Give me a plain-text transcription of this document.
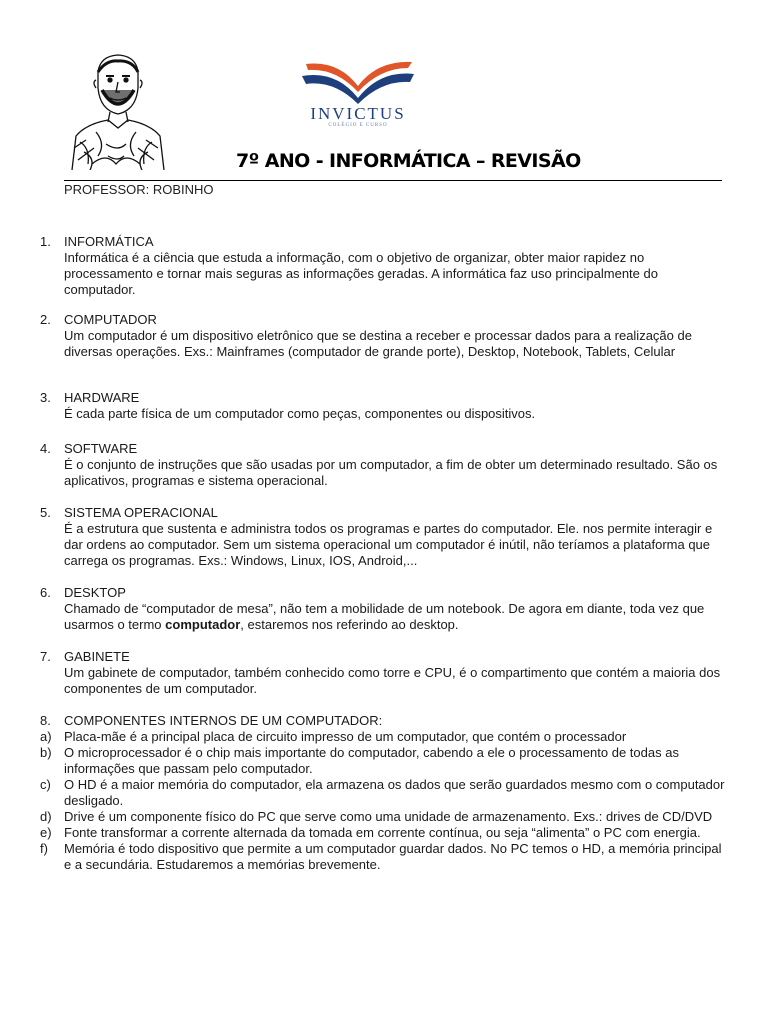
INVICTUS
COLÉGIO E CURSO
7º ANO - INFORMÁTICA – REVISÃO
PROFESSOR: ROBINHO
1. INFORMÁTICA
Informática é a ciência que estuda a informação, com o objetivo de organizar, obter maior rapidez no processamento e tornar mais seguras as informações geradas. A informática faz uso principalmente do computador.
2. COMPUTADOR
Um computador é um dispositivo eletrônico que se destina a receber e processar dados para a realização de diversas operações. Exs.: Mainframes (computador de grande porte), Desktop, Notebook, Tablets, Celular
3. HARDWARE
É cada parte física de um computador como peças, componentes ou dispositivos.
4. SOFTWARE
É o conjunto de instruções que são usadas por um computador, a fim de obter um determinado resultado. São os aplicativos, programas e sistema operacional.
5. SISTEMA OPERACIONAL
É a estrutura que sustenta e administra todos os programas e partes do computador. Ele. nos permite interagir e dar ordens ao computador. Sem um sistema operacional um computador é inútil, não teríamos a plataforma que carrega os programas. Exs.: Windows, Linux, IOS, Android,...
6. DESKTOP
Chamado de “computador de mesa”, não tem a mobilidade de um notebook. De agora em diante, toda vez que usarmos o termo computador, estaremos nos referindo ao desktop.
7. GABINETE
Um gabinete de computador, também conhecido como torre e CPU, é o compartimento que contém a maioria dos componentes de um computador.
8. COMPONENTES INTERNOS DE UM COMPUTADOR:
a) Placa-mãe é a principal placa de circuito impresso de um computador, que contém o processador
b) O microprocessador é o chip mais importante do computador, cabendo a ele o processamento de todas as informações que passam pelo computador.
c) O HD é a maior memória do computador, ela armazena os dados que serão guardados mesmo com o computador desligado.
d) Drive é um componente físico do PC que serve como uma unidade de armazenamento. Exs.: drives de CD/DVD
e) Fonte transformar a corrente alternada da tomada em corrente contínua, ou seja “alimenta” o PC com energia.
f) Memória é todo dispositivo que permite a um computador guardar dados. No PC temos o HD, a memória principal e a secundária. Estudaremos a memórias brevemente.
